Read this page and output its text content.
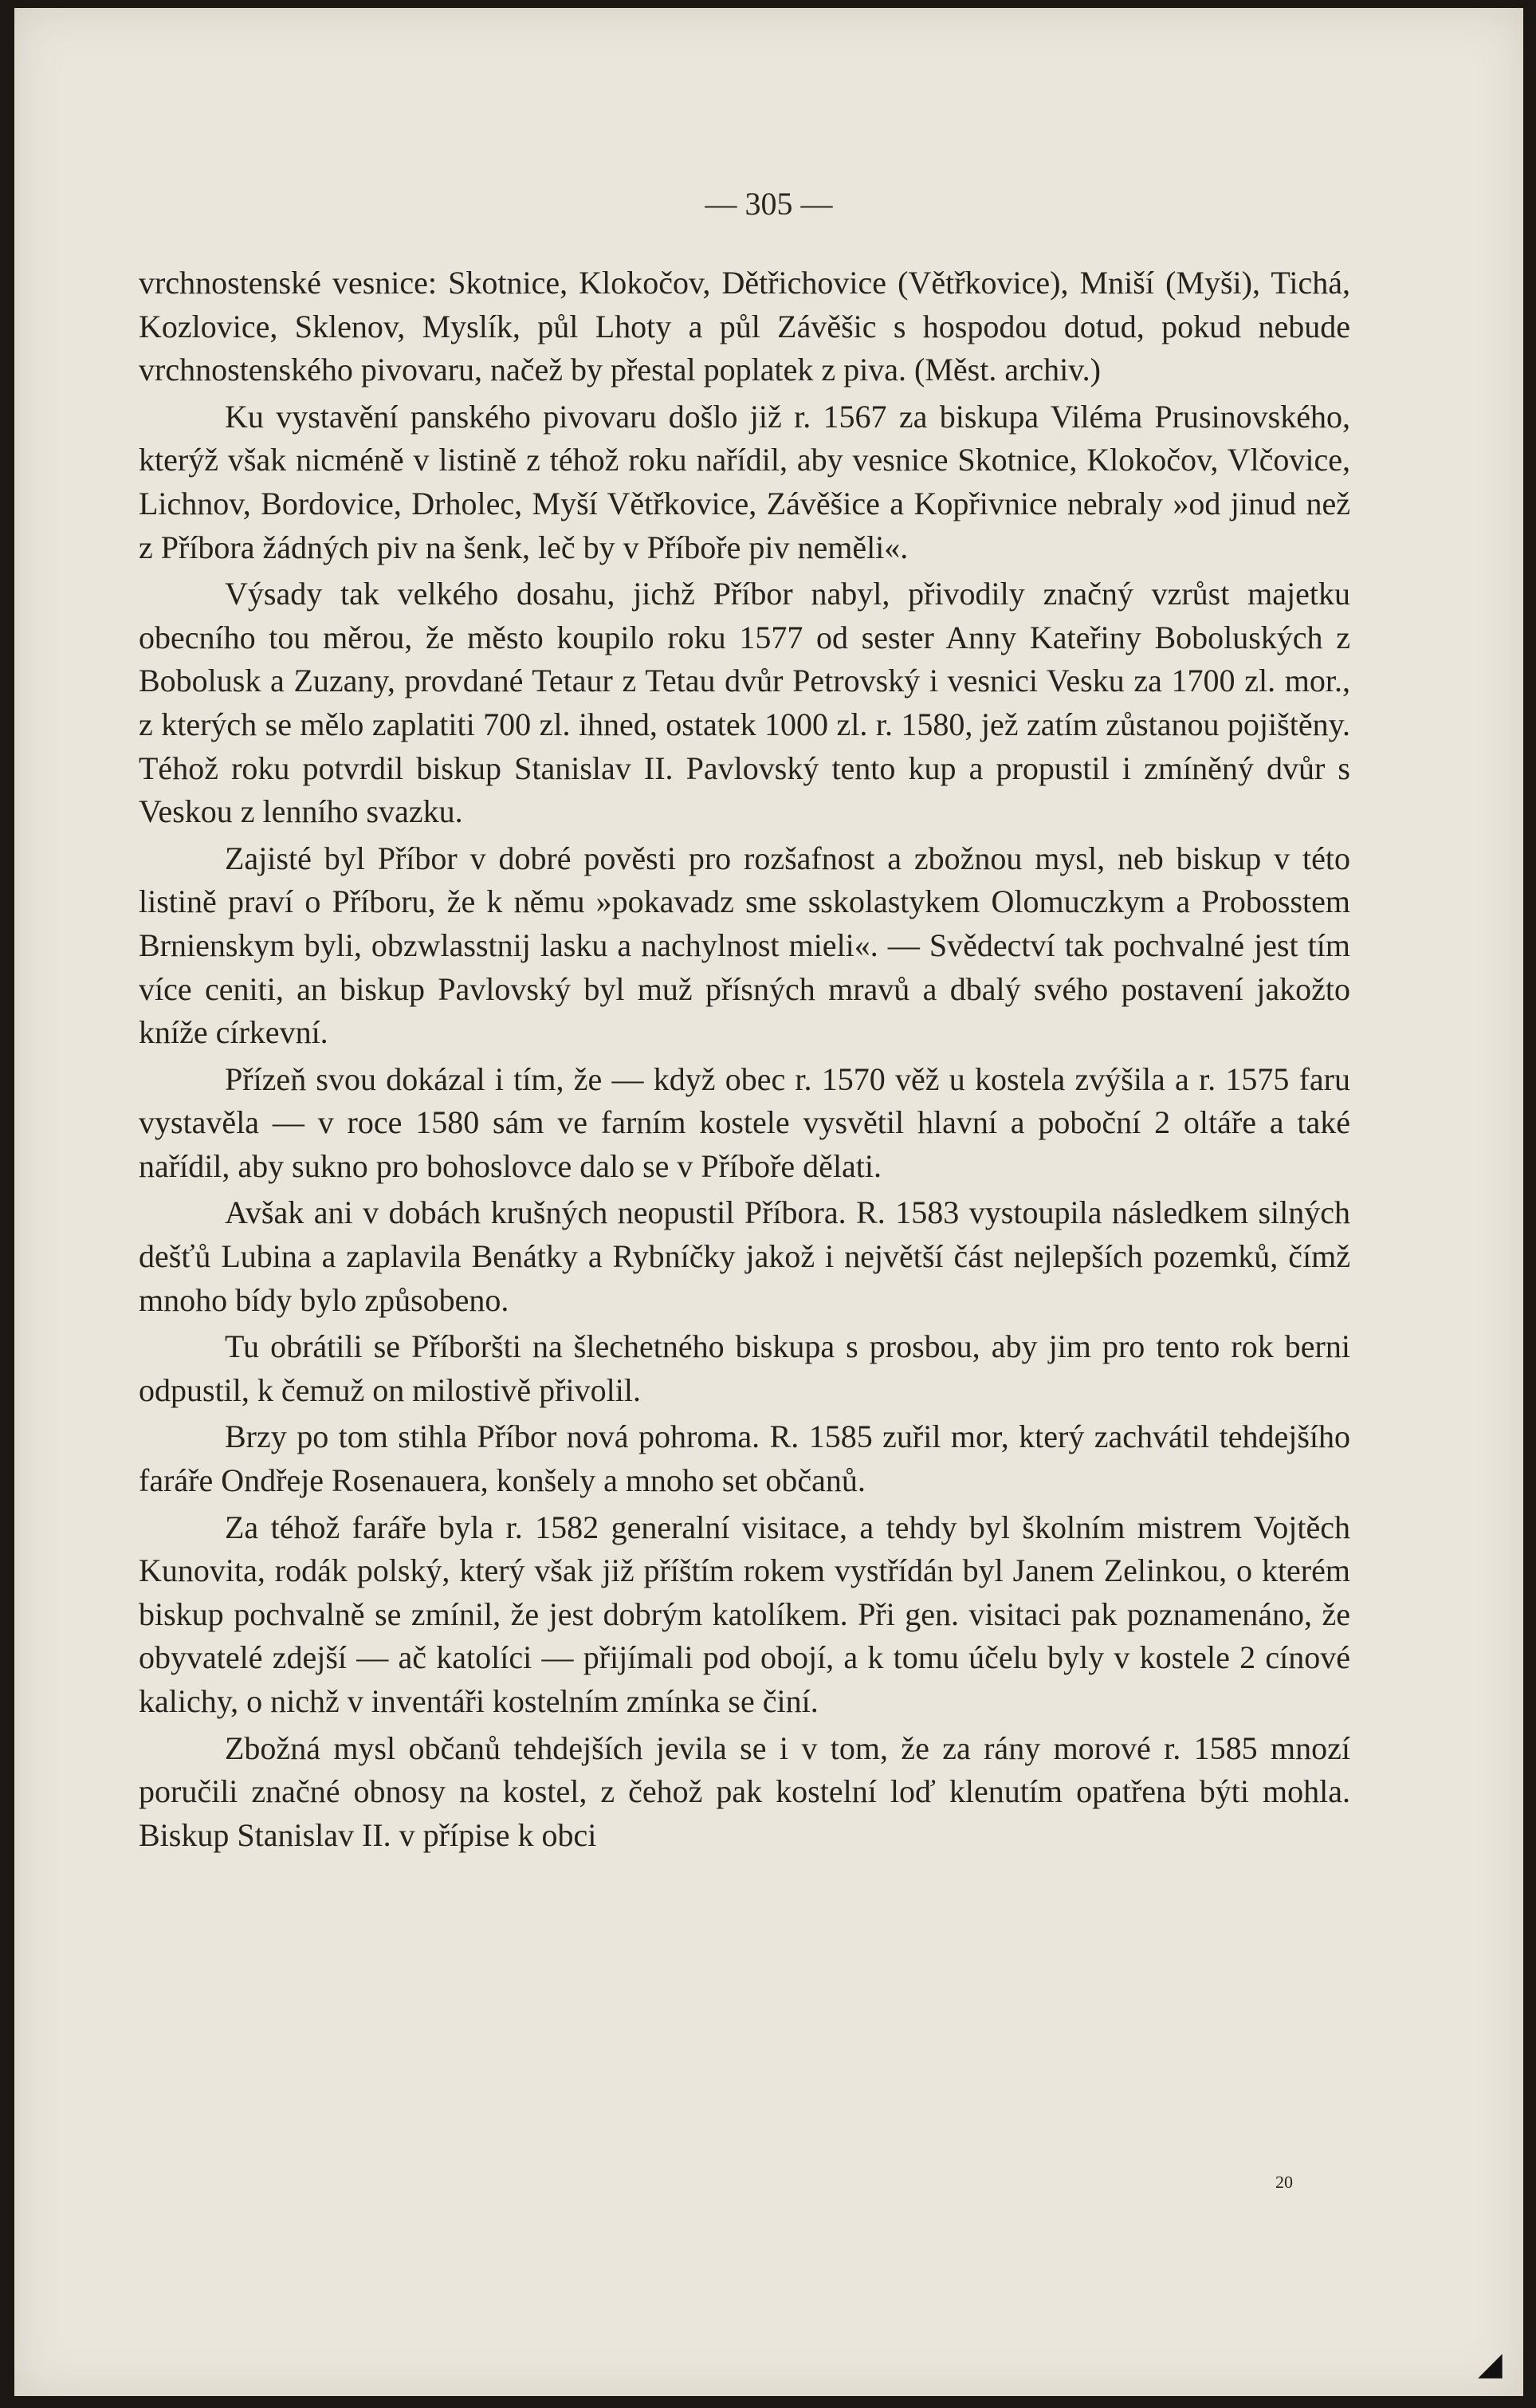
— 305 —

vrchnostenské vesnice: Skotnice, Klokočov, Dětřichovice (Větřkovice), Mniší (Myši), Tichá, Kozlovice, Sklenov, Myslík, půl Lhoty a půl Závěšic s hospodou dotud, pokud nebude vrchnostenského pivovaru, načež by přestal poplatek z piva. (Měst. archiv.)

Ku vystavění panského pivovaru došlo již r. 1567 za biskupa Viléma Prusinovského, kterýž však nicméně v listině z téhož roku nařídil, aby vesnice Skotnice, Klokočov, Vlčovice, Lichnov, Bordovice, Drholec, Myší Větřkovice, Závěšice a Kopřivnice nebraly »od jinud než z Příbora žádných piv na šenk, leč by v Příboře piv neměli«.

Výsady tak velkého dosahu, jichž Příbor nabyl, přivodily značný vzrůst majetku obecního tou měrou, že město koupilo roku 1577 od sester Anny Kateřiny Boboluských z Bobolusk a Zuzany, provdané Tetaur z Tetau dvůr Petrovský i vesnici Vesku za 1700 zl. mor., z kterých se mělo zaplatiti 700 zl. ihned, ostatek 1000 zl. r. 1580, jež zatím zůstanou pojištěny. Téhož roku potvrdil biskup Stanislav II. Pavlovský tento kup a propustil i zmíněný dvůr s Veskou z lenního svazku.

Zajisté byl Příbor v dobré pověsti pro rozšafnost a zbožnou mysl, neb biskup v této listině praví o Příboru, že k němu »pokavadz sme sskolastykem Olomuczkym a Probosstem Brnienskym byli, obzwlasstnij lasku a nachylnost mieli«. — Svědectví tak pochvalné jest tím více ceniti, an biskup Pavlovský byl muž přísných mravů a dbalý svého postavení jakožto kníže církevní.

Přízeň svou dokázal i tím, že — když obec r. 1570 věž u kostela zvýšila a r. 1575 faru vystavěla — v roce 1580 sám ve farním kostele vysvětil hlavní a poboční 2 oltáře a také nařídil, aby sukno pro bohoslovce dalo se v Příboře dělati.

Avšak ani v dobách krušných neopustil Příbora. R. 1583 vystoupila následkem silných dešťů Lubina a zaplavila Benátky a Rybníčky jakož i největší část nejlepších pozemků, čímž mnoho bídy bylo způsobeno.

Tu obrátili se Příboršti na šlechetného biskupa s prosbou, aby jim pro tento rok berni odpustil, k čemuž on milostivě přivolil.

Brzy po tom stihla Příbor nová pohroma. R. 1585 zuřil mor, který zachvátil tehdejšího faráře Ondřeje Rosenauera, konšely a mnoho set občanů.

Za téhož faráře byla r. 1582 generalní visitace, a tehdy byl školním mistrem Vojtěch Kunovita, rodák polský, který však již příštím rokem vystřídán byl Janem Zelinkou, o kterém biskup pochvalně se zmínil, že jest dobrým katolíkem. Při gen. visitaci pak poznamenáno, že obyvatelé zdejší — ač katolíci — přijímali pod obojí, a k tomu účelu byly v kostele 2 cínové kalichy, o nichž v inventáři kostelním zmínka se činí.

Zbožná mysl občanů tehdejších jevila se i v tom, že za rány morové r. 1585 mnozí poručili značné obnosy na kostel, z čehož pak kostelní loď klenutím opatřena býti mohla. Biskup Stanislav II. v přípise k obci

20
◢
